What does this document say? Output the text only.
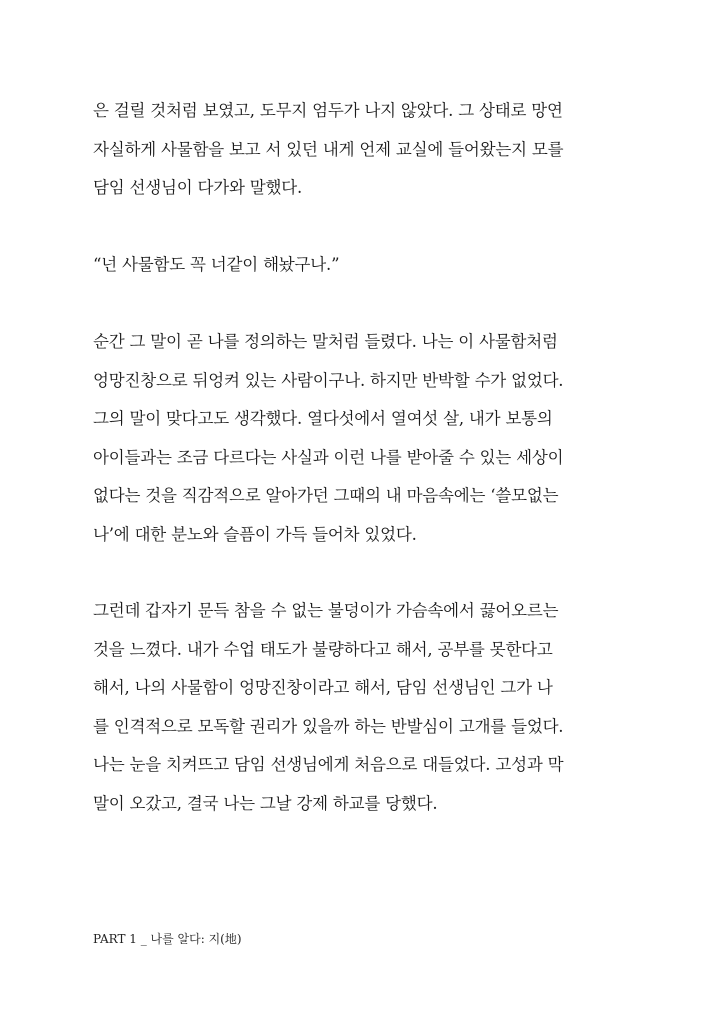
은 걸릴 것처럼 보였고, 도무지 엄두가 나지 않았다. 그 상태로 망연
자실하게 사물함을 보고 서 있던 내게 언제 교실에 들어왔는지 모를
담임 선생님이 다가와 말했다.
“넌 사물함도 꼭 너같이 해놨구나.”
순간 그 말이 곧 나를 정의하는 말처럼 들렸다. 나는 이 사물함처럼
엉망진창으로 뒤엉켜 있는 사람이구나. 하지만 반박할 수가 없었다.
그의 말이 맞다고도 생각했다. 열다섯에서 열여섯 살, 내가 보통의
아이들과는 조금 다르다는 사실과 이런 나를 받아줄 수 있는 세상이
없다는 것을 직감적으로 알아가던 그때의 내 마음속에는 ‘쓸모없는
나’에 대한 분노와 슬픔이 가득 들어차 있었다.
그런데 갑자기 문득 참을 수 없는 불덩이가 가슴속에서 끓어오르는
것을 느꼈다. 내가 수업 태도가 불량하다고 해서, 공부를 못한다고
해서, 나의 사물함이 엉망진창이라고 해서, 담임 선생님인 그가 나
를 인격적으로 모독할 권리가 있을까 하는 반발심이 고개를 들었다.
나는 눈을 치켜뜨고 담임 선생님에게 처음으로 대들었다. 고성과 막
말이 오갔고, 결국 나는 그날 강제 하교를 당했다.
PART 1 _ 나를 알다: 지(地)
